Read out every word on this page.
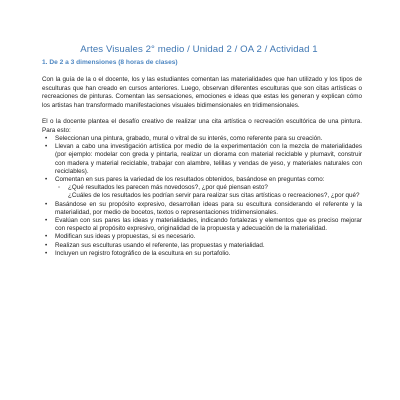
Artes Visuales 2° medio / Unidad 2 / OA 2 / Actividad 1
1. De 2 a 3 dimensiones (8 horas de clases)

Con la guía de la o el docente, los y las estudiantes comentan las materialidades que han utilizado y los tipos de esculturas que han creado en cursos anteriores. Luego, observan diferentes esculturas que son citas artísticas o recreaciones de pinturas. Comentan las sensaciones, emociones e ideas que estas les generan y explican cómo los artistas han transformado manifestaciones visuales bidimensionales en tridimensionales.

El o la docente plantea el desafío creativo de realizar una cita artística o recreación escultórica de una pintura. Para esto:

• Seleccionan una pintura, grabado, mural o vitral de su interés, como referente para su creación.
• Llevan a cabo una investigación artística por medio de la experimentación con la mezcla de materialidades (por ejemplo: modelar con greda y pintarla, realizar un diorama con material reciclable y plumavit, construir con madera y material reciclable, trabajar con alambre, telillas y vendas de yeso, y materiales naturales con reciclables).
• Comentan en sus pares la variedad de los resultados obtenidos, basándose en preguntas como:
◦ ¿Qué resultados les parecen más novedosos?, ¿por qué piensan esto?
¿Cuáles de los resultados les podrían servir para realizar sus citas artísticas o recreaciones?, ¿por qué?
• Basándose en su propósito expresivo, desarrollan ideas para su escultura considerando el referente y la materialidad, por medio de bocetos, textos o representaciones tridimensionales.
• Evalúan con sus pares las ideas y materialidades, indicando fortalezas y elementos que es preciso mejorar con respecto al propósito expresivo, originalidad de la propuesta y adecuación de la materialidad.
• Modifican sus ideas y propuestas, si es necesario.
• Realizan sus esculturas usando el referente, las propuestas y materialidad.
• Incluyen un registro fotográfico de la escultura en su portafolio.
